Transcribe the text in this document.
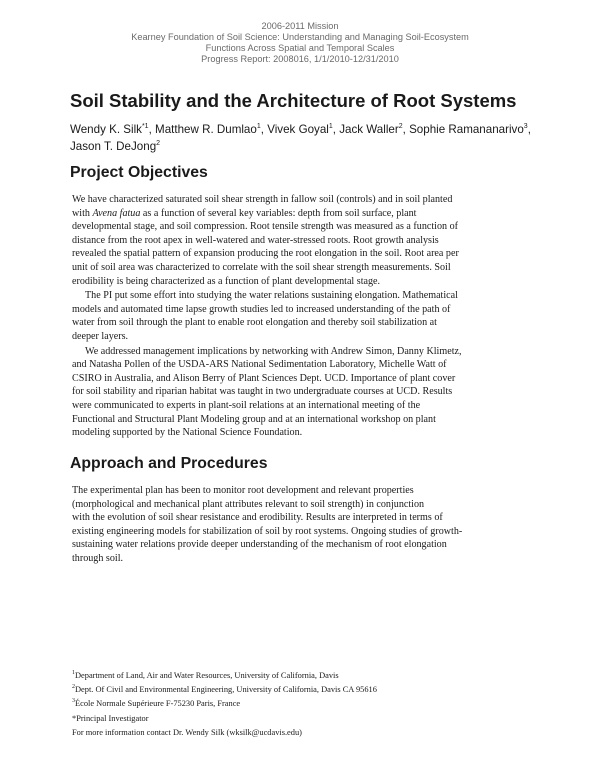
2006-2011 Mission
Kearney Foundation of Soil Science: Understanding and Managing Soil-Ecosystem
Functions Across Spatial and Temporal Scales
Progress Report: 2008016, 1/1/2010-12/31/2010
Soil Stability and the Architecture of Root Systems
Wendy K. Silk$^{*1}$, Matthew R. Dumlao$^1$, Vivek Goyal$^1$, Jack Waller$^2$, Sophie Ramananarivo$^3$, Jason T. DeJong$^2$
Project Objectives

We have characterized saturated soil shear strength in fallow soil (controls) and in soil planted
with Avena fatua as a function of several key variables: depth from soil surface, plant
developmental stage, and soil compression. Root tensile strength was measured as a function of
distance from the root apex in well-watered and water-stressed roots. Root growth analysis
revealed the spatial pattern of expansion producing the root elongation in the soil. Root area per
unit of soil area was characterized to correlate with the soil shear strength measurements. Soil
erodibility is being characterized as a function of plant developmental stage.

The PI put some effort into studying the water relations sustaining elongation. Mathematical
models and automated time lapse growth studies led to increased understanding of the path of
water from soil through the plant to enable root elongation and thereby soil stabilization at
deeper layers.

We addressed management implications by networking with Andrew Simon, Danny Klimetz,
and Natasha Pollen of the USDA-ARS National Sedimentation Laboratory, Michelle Watt of
CSIRO in Australia, and Alison Berry of Plant Sciences Dept. UCD. Importance of plant cover
for soil stability and riparian habitat was taught in two undergraduate courses at UCD. Results
were communicated to experts in plant-soil relations at an international meeting of the
Functional and Structural Plant Modeling group and at an international workshop on plant
modeling supported by the National Science Foundation.

Approach and Procedures

The experimental plan has been to monitor root development and relevant properties
(morphological and mechanical plant attributes relevant to soil strength) in conjunction
with the evolution of soil shear resistance and erodibility. Results are interpreted in terms of
existing engineering models for stabilization of soil by root systems. Ongoing studies of growth-
sustaining water relations provide deeper understanding of the mechanism of root elongation
through soil.

$^1$Department of Land, Air and Water Resources, University of California, Davis
$^2$Dept. Of Civil and Environmental Engineering, University of California, Davis CA 95616
$^3$École Normale Supérieure F-75230 Paris, France
*Principal Investigator
For more information contact Dr. Wendy Silk (wksilk@ucdavis.edu)
